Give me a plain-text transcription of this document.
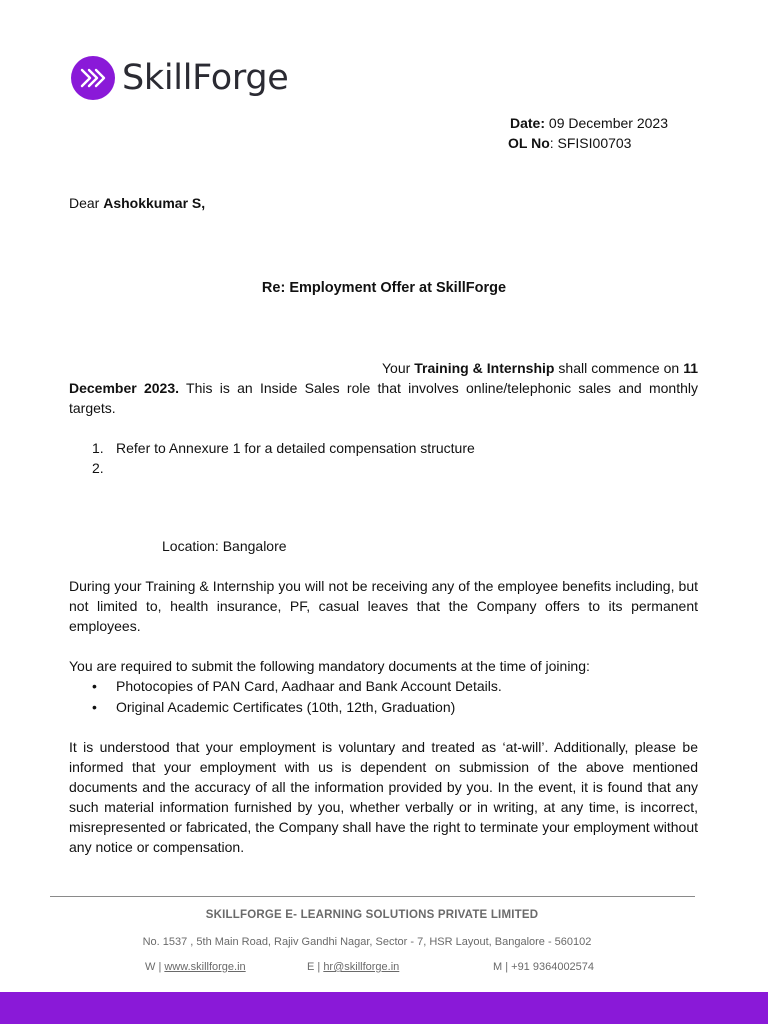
SkillForge
Date: 09 December 2023
OL No: SFISI00703
Dear Ashokkumar S,
Re: Employment Offer at SkillForge
Your Training & Internship shall commence on 11 December 2023. This is an Inside Sales role that involves online/telephonic sales and monthly targets.
1. Refer to Annexure 1 for a detailed compensation structure
2.
Location: Bangalore
During your Training & Internship you will not be receiving any of the employee benefits including, but not limited to, health insurance, PF, casual leaves that the Company offers to its permanent employees.
You are required to submit the following mandatory documents at the time of joining:
•	Photocopies of PAN Card, Aadhaar and Bank Account Details.
•	Original Academic Certificates (10th, 12th, Graduation)
It is understood that your employment is voluntary and treated as ‘at-will’. Additionally, please be informed that your employment with us is dependent on submission of the above mentioned documents and the accuracy of all the information provided by you. In the event, it is found that any such material information furnished by you, whether verbally or in writing, at any time, is incorrect, misrepresented or fabricated, the Company shall have the right to terminate your employment without any notice or compensation.
SKILLFORGE E- LEARNING SOLUTIONS PRIVATE LIMITED
No. 1537 , 5th Main Road, Rajiv Gandhi Nagar, Sector - 7, HSR Layout, Bangalore - 560102
W | www.skillforge.in	E | hr@skillforge.in	M | +91 9364002574
